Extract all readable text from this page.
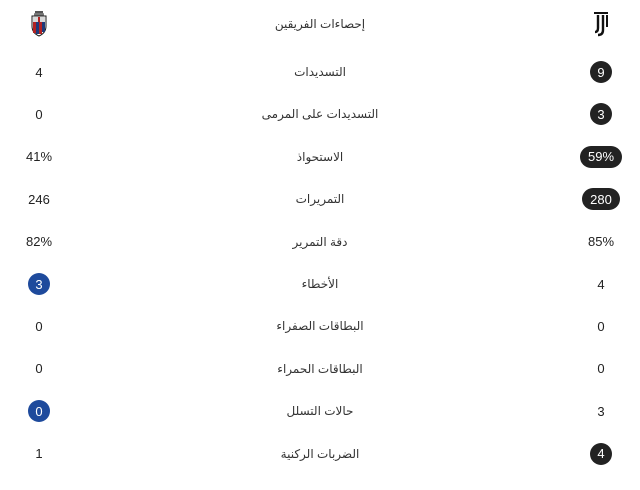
إحصاءات الفريقين
4	التسديدات	9
0	التسديدات على المرمى	3
41%	الاستحواذ	59%
246	التمريرات	280
82%	دقة التمرير	85%
3	الأخطاء	4
0	البطاقات الصفراء	0
0	البطاقات الحمراء	0
0	حالات التسلل	3
1	الضربات الركنية	4
